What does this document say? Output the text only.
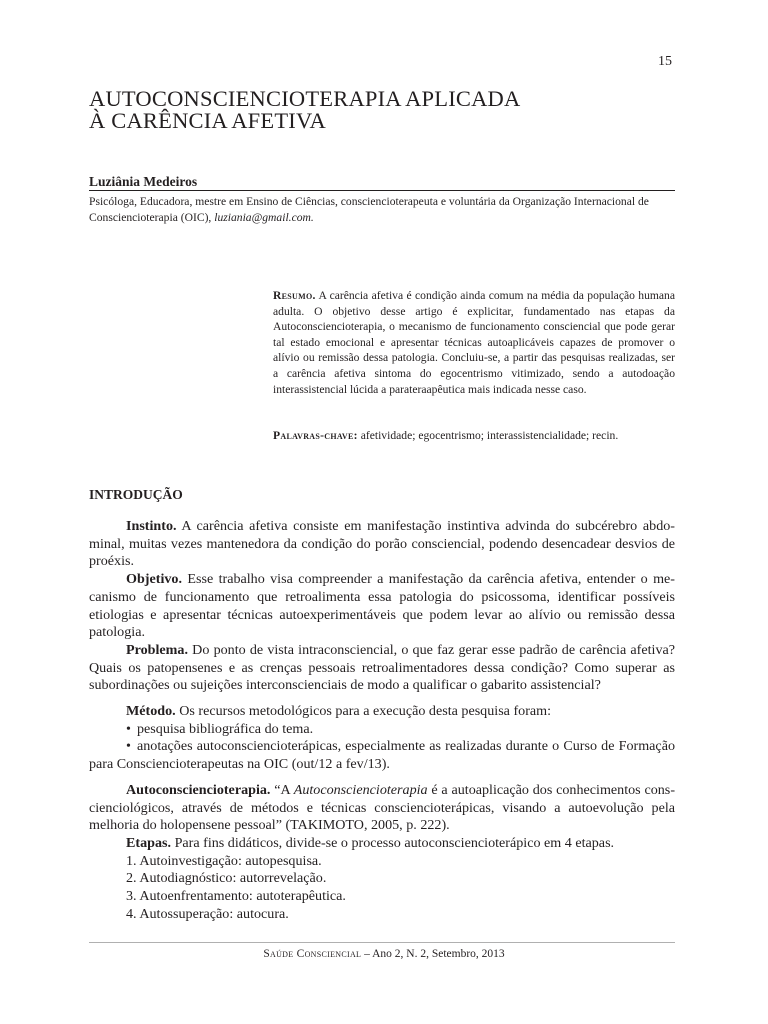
15
AUTOCONSCIENCIOTERAPIA APLICADA
À CARÊNCIA AFETIVA
Luziânia Medeiros
Psicóloga, Educadora, mestre em Ensino de Ciências, consciencioterapeuta e voluntária da Organização Internacional de Consciencioterapia (OIC), luziania@gmail.com.
Resumo. A carência afetiva é condição ainda comum na média da população humana adulta. O objetivo desse artigo é explicitar, fundamentado nas etapas da Autoconsciencioterapia, o mecanismo de funcionamento consciencial que pode gerar tal estado emocional e apresentar técnicas autoaplicáveis capazes de promover o alívio ou remissão dessa patologia. Concluiu-se, a partir das pesquisas realizadas, ser a carência afetiva sintoma do egocentrismo vitimizado, sendo a autodoação interassistencial lúcida a parateraapêutica mais indicada nesse caso.
Palavras-chave: afetividade; egocentrismo; interassistencialidade; recin.
INTRODUÇÃO

Instinto. A carência afetiva consiste em manifestação instintiva advinda do subcérebro abdominal, muitas vezes mantenedora da condição do porão consciencial, podendo desencadear desvios de proéxis.

Objetivo. Esse trabalho visa compreender a manifestação da carência afetiva, entender o mecanismo de funcionamento que retroalimenta essa patologia do psicossoma, identificar possíveis etiologias e apresentar técnicas autoexperimentáveis que podem levar ao alívio ou remissão dessa patologia.

Problema. Do ponto de vista intraconsciencial, o que faz gerar esse padrão de carência afetiva? Quais os patopensenes e as crenças pessoais retroalimentadores dessa condição? Como superar as subordinações ou sujeições interconscienciais de modo a qualificar o gabarito assistencial?

Método. Os recursos metodológicos para a execução desta pesquisa foram:

• pesquisa bibliográfica do tema.

• anotações autoconsciencioterápicas, especialmente as realizadas durante o Curso de Formação para Consciencioterapeutas na OIC (out/12 a fev/13).

Autoconsciencioterapia. “A Autoconsciencioterapia é a autoaplicação dos conhecimentos conscienciológicos, através de métodos e técnicas consciencioterápicas, visando a autoevolução pela melhoria do holopensene pessoal” (TAKIMOTO, 2005, p. 222).

Etapas. Para fins didáticos, divide-se o processo autoconsciencioterápico em 4 etapas.

1. Autoinvestigação: autopesquisa.
2. Autodiagnóstico: autorrevelação.
3. Autoenfrentamento: autoterapêutica.
4. Autossuperação: autocura.
Saúde Consciencial – Ano 2, N. 2, Setembro, 2013
